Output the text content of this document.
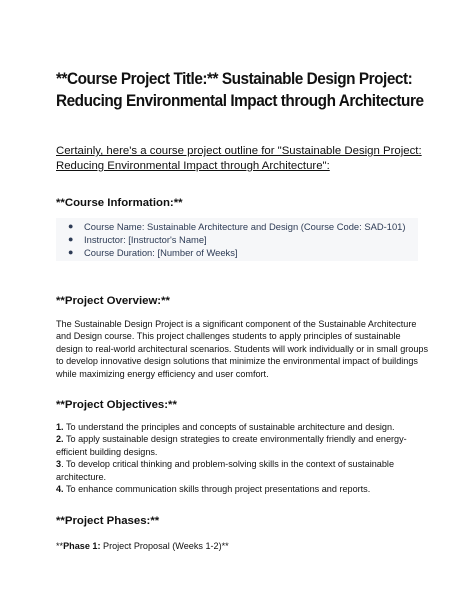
**Course Project Title:** Sustainable Design Project:
Reducing Environmental Impact through Architecture
Certainly, here's a course project outline for "Sustainable Design Project: Reducing Environmental Impact through Architecture":
**Course Information:**
● Course Name: Sustainable Architecture and Design (Course Code: SAD-101)
● Instructor: [Instructor's Name]
● Course Duration: [Number of Weeks]
**Project Overview:**
The Sustainable Design Project is a significant component of the Sustainable Architecture and Design course. This project challenges students to apply principles of sustainable design to real-world architectural scenarios. Students will work individually or in small groups to develop innovative design solutions that minimize the environmental impact of buildings while maximizing energy efficiency and user comfort.
**Project Objectives:**
1. To understand the principles and concepts of sustainable architecture and design.
2. To apply sustainable design strategies to create environmentally friendly and energy-efficient building designs.
3. To develop critical thinking and problem-solving skills in the context of sustainable architecture.
4. To enhance communication skills through project presentations and reports.
**Project Phases:**
**Phase 1: Project Proposal (Weeks 1-2)**
